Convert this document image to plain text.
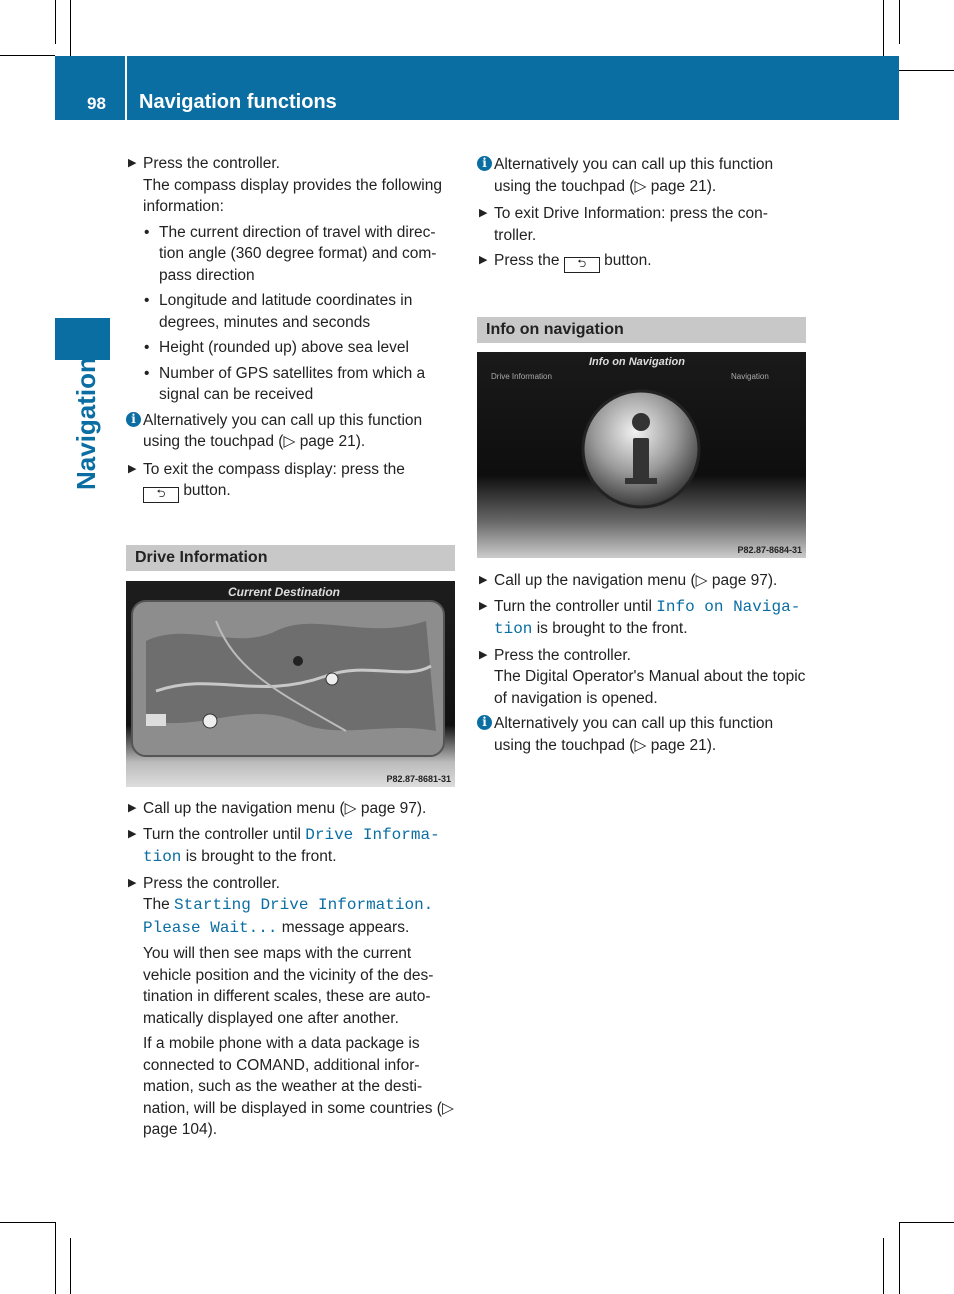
98 Navigation functions
Navigation
▶ Press the controller.

The compass display provides the following information:

• The current direction of travel with direc- tion angle (360 degree format) and com- pass direction

• Longitude and latitude coordinates in degrees, minutes and seconds

• Height (rounded up) above sea level

• Number of GPS satellites from which a signal can be received

i Alternatively you can call up this function using the touchpad (▷ page 21).

▶ To exit the compass display: press the
⮌ button.

Drive Information
Current Destination
P82.87-8681-31
▶ Call up the navigation menu (▷ page 97).

▶ Turn the controller until Drive Informa- tion is brought to the front.

▶ Press the controller.

The Starting Drive Information. Please Wait... message appears.

You will then see maps with the current vehicle position and the vicinity of the des- tination in different scales, these are auto- matically displayed one after another.

If a mobile phone with a data package is connected to COMAND, additional infor- mation, such as the weather at the desti- nation, will be displayed in some countries (▷ page 104).

i Alternatively you can call up this function using the touchpad (▷ page 21).

▶ To exit Drive Information: press the con- troller.

▶ Press the ⮌ button.

Info on navigation
Info on Navigation
Drive Information	Navigation
P82.87-8684-31
▶ Call up the navigation menu (▷ page 97).

▶ Turn the controller until Info on Naviga- tion is brought to the front.

▶ Press the controller.

The Digital Operator's Manual about the topic of navigation is opened.

i Alternatively you can call up this function using the touchpad (▷ page 21).
